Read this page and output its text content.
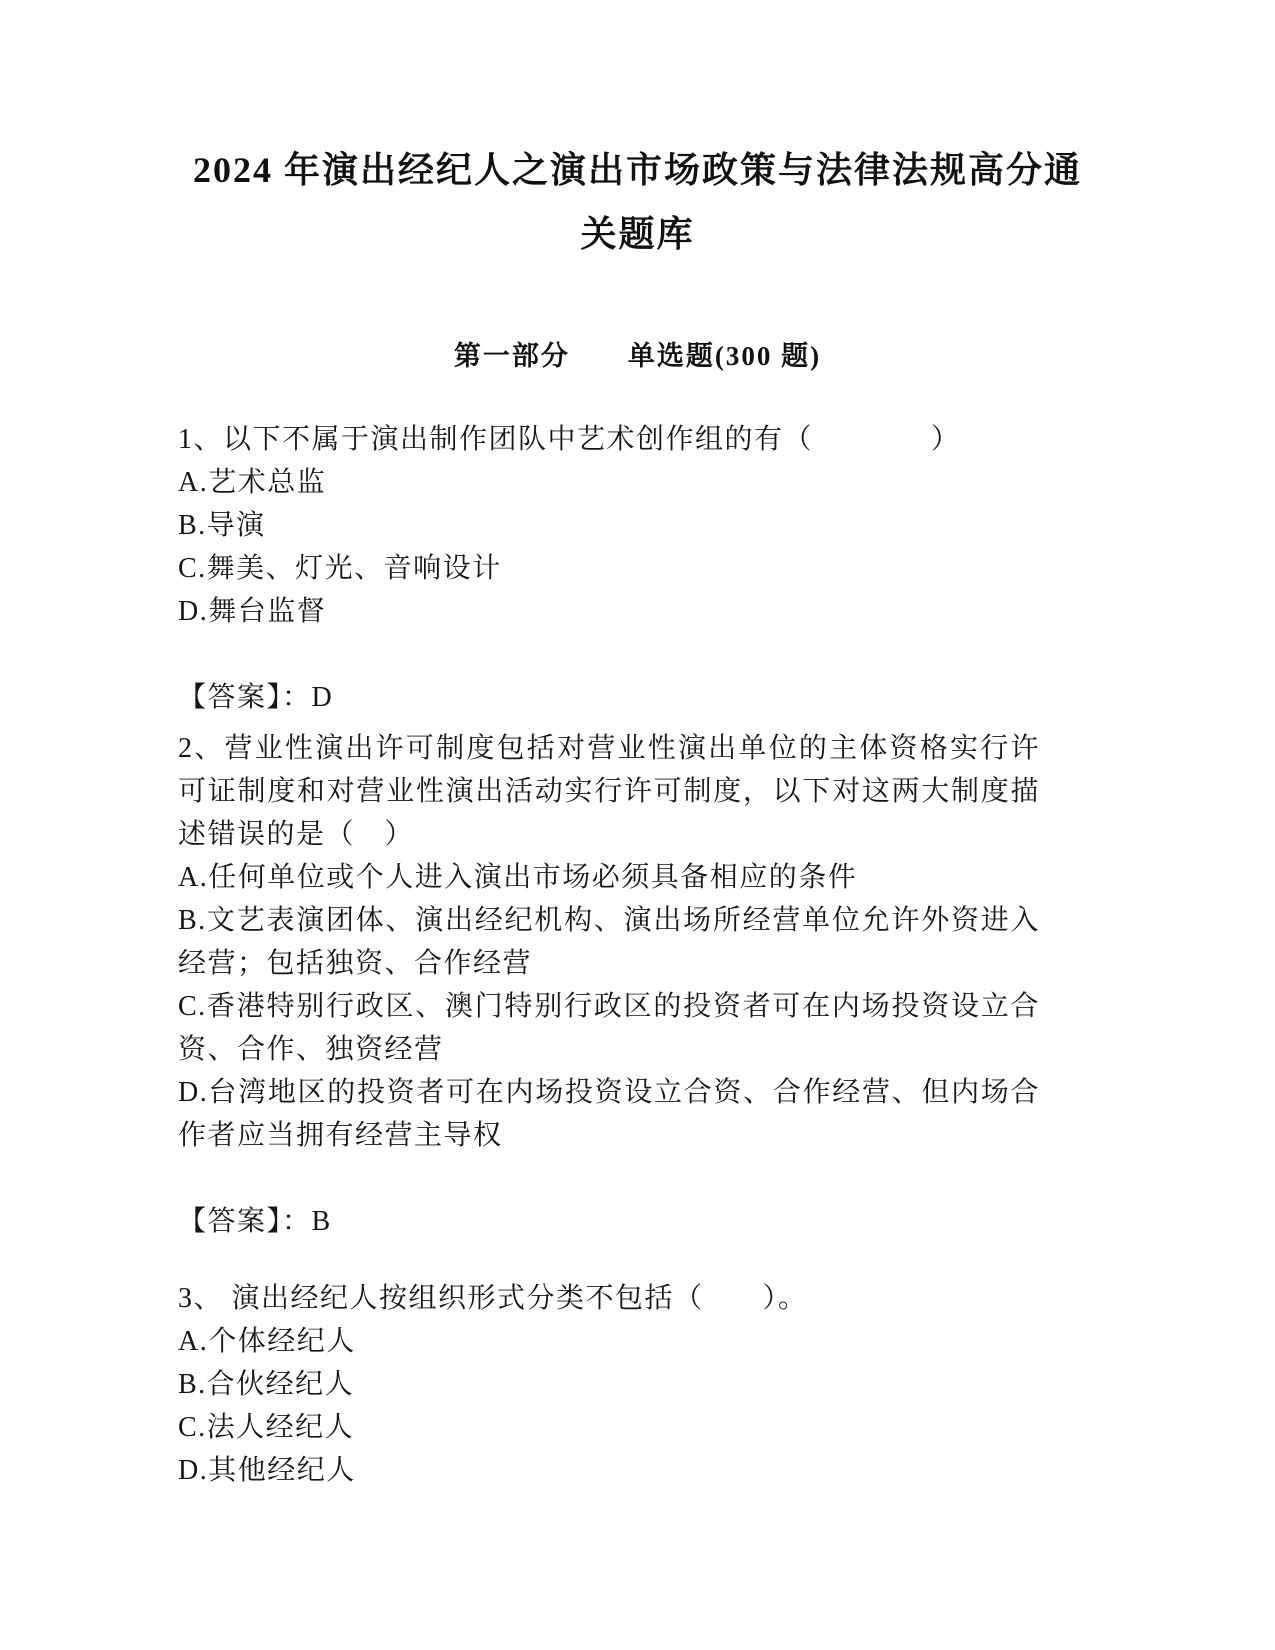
2024 年演出经纪人之演出市场政策与法律法规高分通
关题库
第一部分　　单选题(300 题)

1、以下不属于演出制作团队中艺术创作组的有（　　　　）

A.艺术总监

B.导演

C.舞美、灯光、音响设计

D.舞台监督

【答案】：D

2、营业性演出许可制度包括对营业性演出单位的主体资格实行许可证制度和对营业性演出活动实行许可制度，以下对这两大制度描述错误的是（　）

A.任何单位或个人进入演出市场必须具备相应的条件

B.文艺表演团体、演出经纪机构、演出场所经营单位允许外资进入经营；包括独资、合作经营

C.香港特别行政区、澳门特别行政区的投资者可在内场投资设立合资、合作、独资经营

D.台湾地区的投资者可在内场投资设立合资、合作经营、但内场合作者应当拥有经营主导权

【答案】：B

3、 演出经纪人按组织形式分类不包括（　　）。

A.个体经纪人

B.合伙经纪人

C.法人经纪人

D.其他经纪人
